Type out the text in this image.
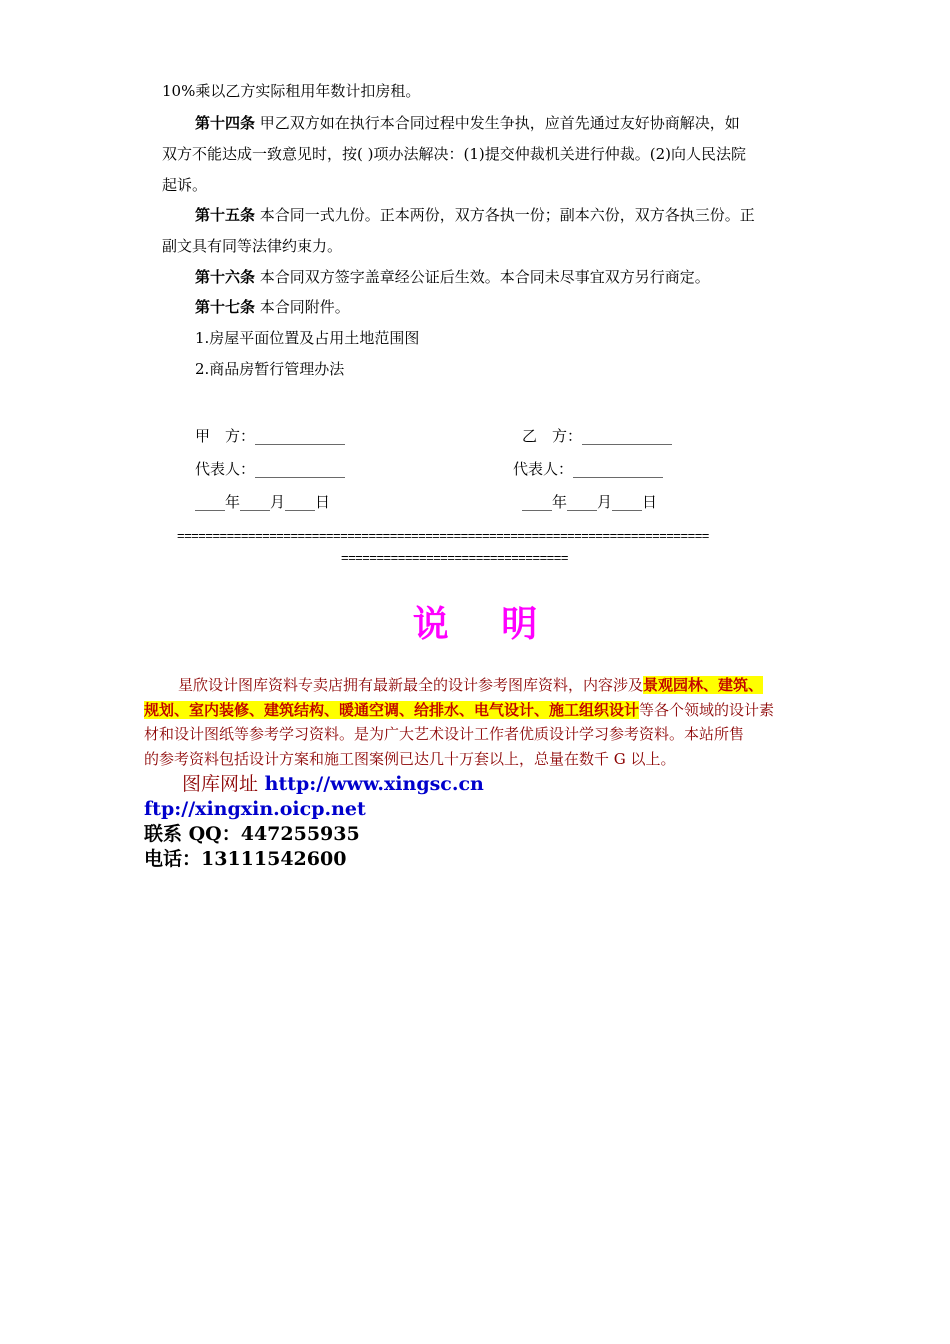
10%乘以乙方实际租用年数计扣房租。
第十四条 甲乙双方如在执行本合同过程中发生争执，应首先通过友好协商解决，如
双方不能达成一致意见时，按( )项办法解决：(1)提交仲裁机关进行仲裁。(2)向人民法院
起诉。
第十五条 本合同一式九份。正本两份，双方各执一份；副本六份，双方各执三份。正
副文具有同等法律约束力。
第十六条 本合同双方签字盖章经公证后生效。本合同未尽事宜双方另行商定。
第十七条 本合同附件。
1.房屋平面位置及占用土地范围图
2.商品房暂行管理办法
甲　方：____________	乙　方：____________
代表人：____________	代表人：____________
____年____月____日	____年____月____日
===========================================================================
================================
说 明
星欣设计图库资料专卖店拥有最新最全的设计参考图库资料，内容涉及景观园林、建筑、
规划、室内装修、建筑结构、暖通空调、给排水、电气设计、施工组织设计等各个领域的设计素
材和设计图纸等参考学习资料。是为广大艺术设计工作者优质设计学习参考资料。本站所售
的参考资料包括设计方案和施工图案例已达几十万套以上，总量在数千 G 以上。
图库网址 http://www.xingsc.cn
ftp://xingxin.oicp.net
联系 QQ：447255935
电话：13111542600
